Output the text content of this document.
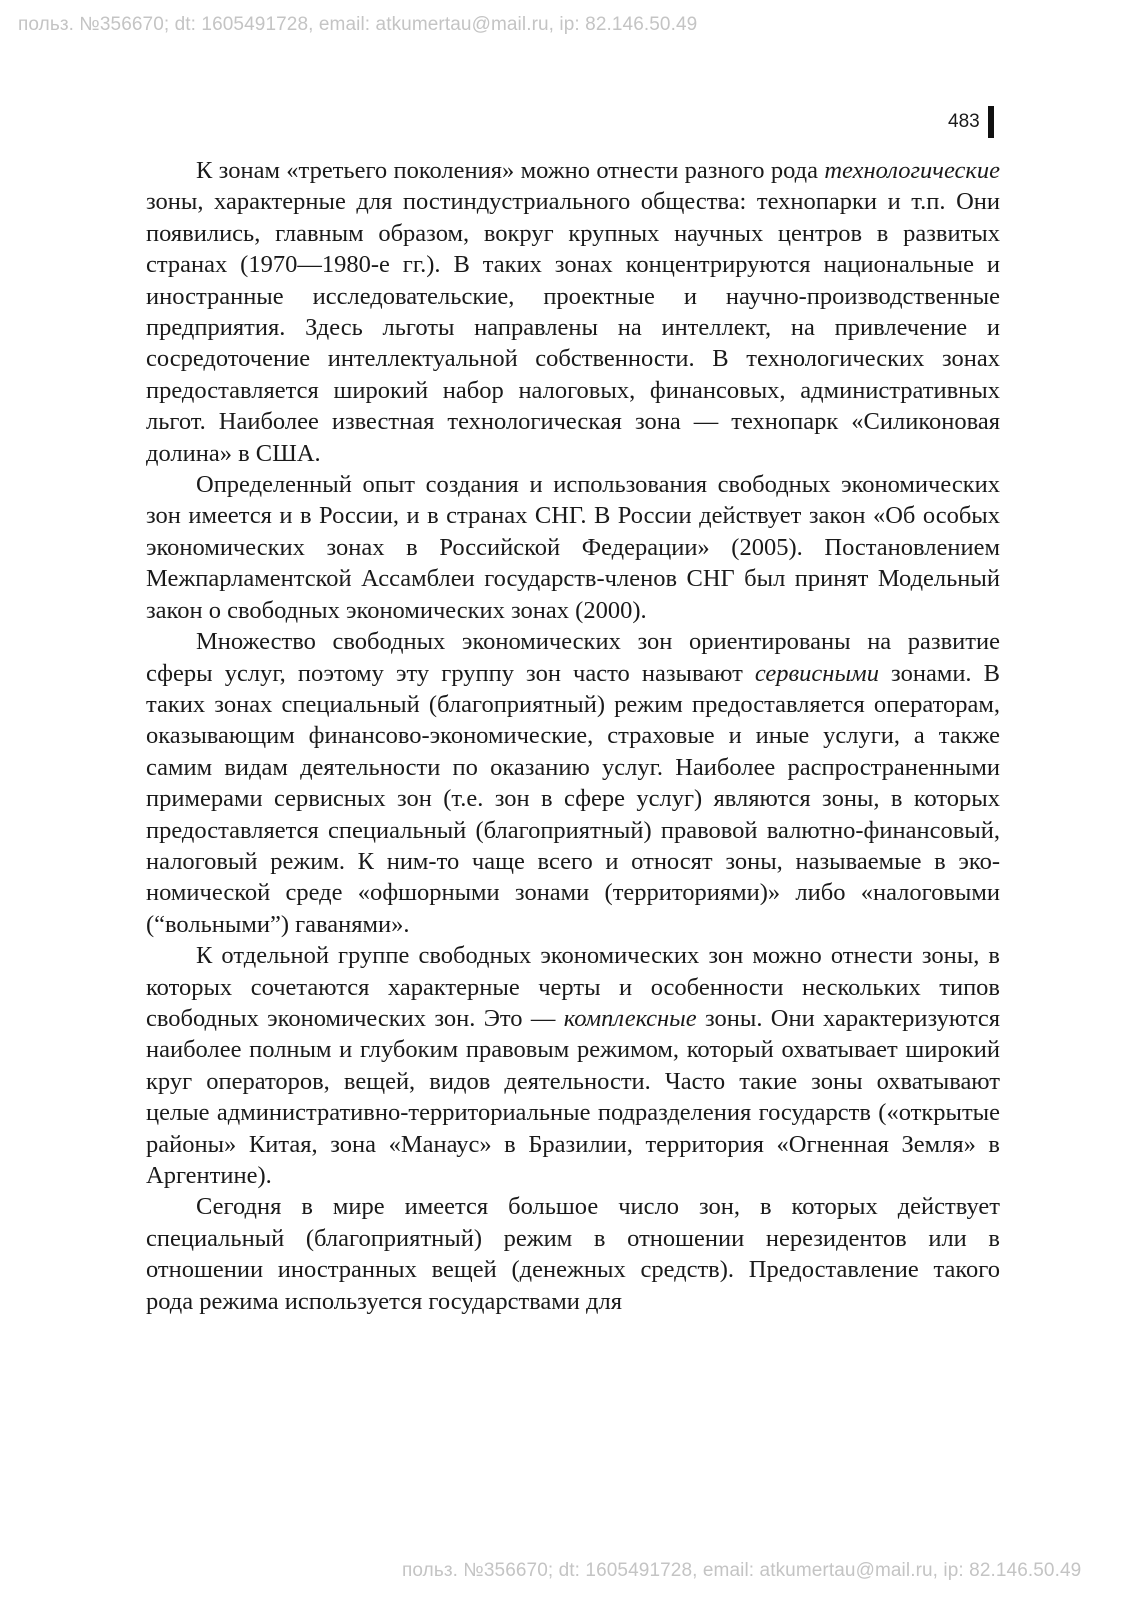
польз. №356670; dt: 1605491728, email: atkumertau@mail.ru, ip: 82.146.50.49
483

К зонам «третьего поколения» можно отнести разного рода технологические зоны, характерные для постиндустриального общества: технопарки и т.п. Они появились, главным образом, вокруг крупных научных центров в развитых странах (1970—1980-е гг.). В таких зонах концентрируются национальные и иностранные исследовательские, проектные и научно-производственные предприятия. Здесь льготы направлены на интеллект, на привлечение и сосредоточение интеллектуальной собственности. В технологических зонах предоставляется широкий набор налоговых, финансовых, административных льгот. Наиболее известная технологическая зона — технопарк «Силиконовая долина» в США.

Определенный опыт создания и использования свободных экономических зон имеется и в России, и в странах СНГ. В России действует закон «Об особых экономических зонах в Российской Федерации» (2005). Постановлением Межпарламентской Ассамблеи государств-членов СНГ был принят Модельный закон о свободных экономических зонах (2000).

Множество свободных экономических зон ориентированы на развитие сферы услуг, поэтому эту группу зон часто называют сервисными зонами. В таких зонах специальный (благоприятный) режим предоставляется операторам, оказывающим финансово-экономические, страховые и иные услуги, а также самим видам деятельности по оказанию услуг. Наиболее распространенными примерами сервисных зон (т.е. зон в сфере услуг) являются зоны, в которых предоставляется специальный (благоприятный) правовой валютно-финансовый, налоговый режим. К ним-то чаще всего и относят зоны, называемые в экономической среде «офшорными зонами (территориями)» либо «налоговыми (“вольными”) гаванями».

К отдельной группе свободных экономических зон можно отнести зоны, в которых сочетаются характерные черты и особенности нескольких типов свободных экономических зон. Это — комплексные зоны. Они характеризуются наиболее полным и глубоким правовым режимом, который охватывает широкий круг операторов, вещей, видов деятельности. Часто такие зоны охватывают целые административно-территориальные подразделения государств («открытые районы» Китая, зона «Манаус» в Бразилии, территория «Огненная Земля» в Аргентине).

Сегодня в мире имеется большое число зон, в которых действует специальный (благоприятный) режим в отношении нерезидентов или в отношении иностранных вещей (денежных средств). Предоставление такого рода режима используется государствами для

польз. №356670; dt: 1605491728, email: atkumertau@mail.ru, ip: 82.146.50.49
